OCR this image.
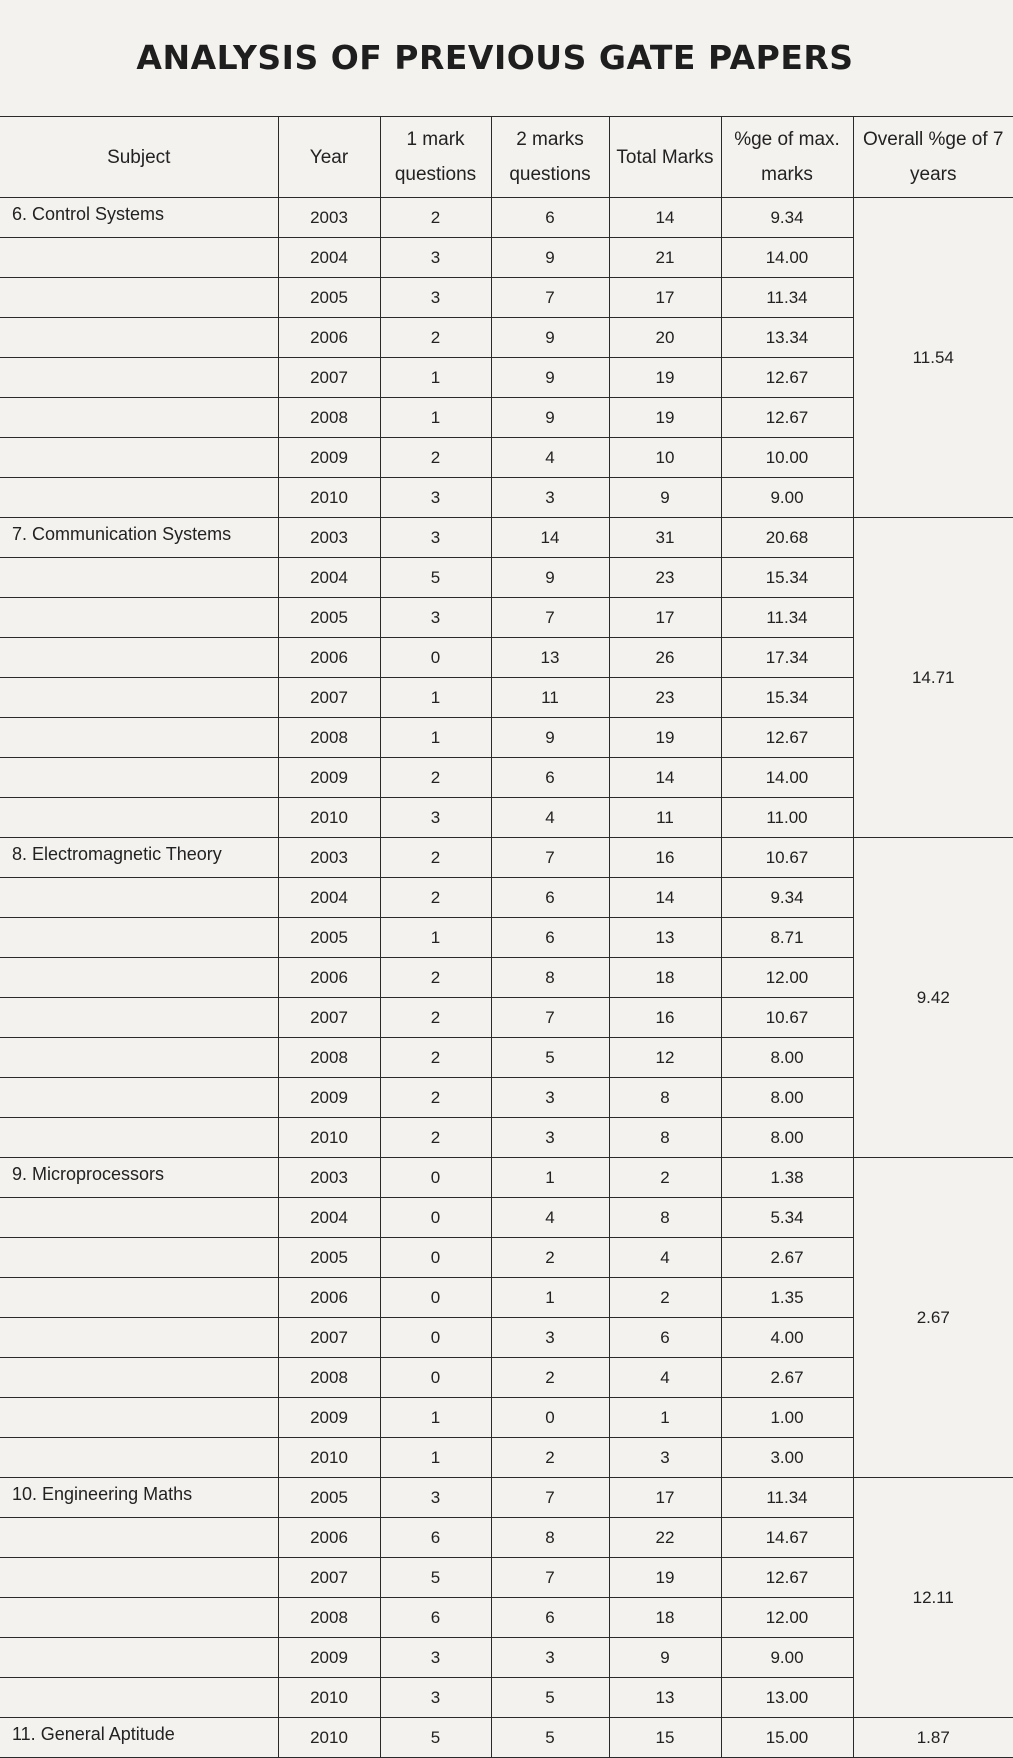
ANALYSIS OF PREVIOUS GATE PAPERS
Subject	Year	1 mark questions	2 marks questions	Total Marks	%ge of max. marks	Overall %ge of 7 years
6. Control Systems	2003	2	6	14	9.34	11.54
	2004	3	9	21	14.00	
	2005	3	7	17	11.34	
	2006	2	9	20	13.34	
	2007	1	9	19	12.67	
	2008	1	9	19	12.67	
	2009	2	4	10	10.00	
	2010	3	3	9	9.00	
7. Communication Systems	2003	3	14	31	20.68	14.71
	2004	5	9	23	15.34	
	2005	3	7	17	11.34	
	2006	0	13	26	17.34	
	2007	1	11	23	15.34	
	2008	1	9	19	12.67	
	2009	2	6	14	14.00	
	2010	3	4	11	11.00	
8. Electromagnetic Theory	2003	2	7	16	10.67	9.42
	2004	2	6	14	9.34	
	2005	1	6	13	8.71	
	2006	2	8	18	12.00	
	2007	2	7	16	10.67	
	2008	2	5	12	8.00	
	2009	2	3	8	8.00	
	2010	2	3	8	8.00	
9. Microprocessors	2003	0	1	2	1.38	2.67
	2004	0	4	8	5.34	
	2005	0	2	4	2.67	
	2006	0	1	2	1.35	
	2007	0	3	6	4.00	
	2008	0	2	4	2.67	
	2009	1	0	1	1.00	
	2010	1	2	3	3.00	
10. Engineering Maths	2005	3	7	17	11.34	12.11
	2006	6	8	22	14.67	
	2007	5	7	19	12.67	
	2008	6	6	18	12.00	
	2009	3	3	9	9.00	
	2010	3	5	13	13.00	
11. General Aptitude	2010	5	5	15	15.00	1.87
